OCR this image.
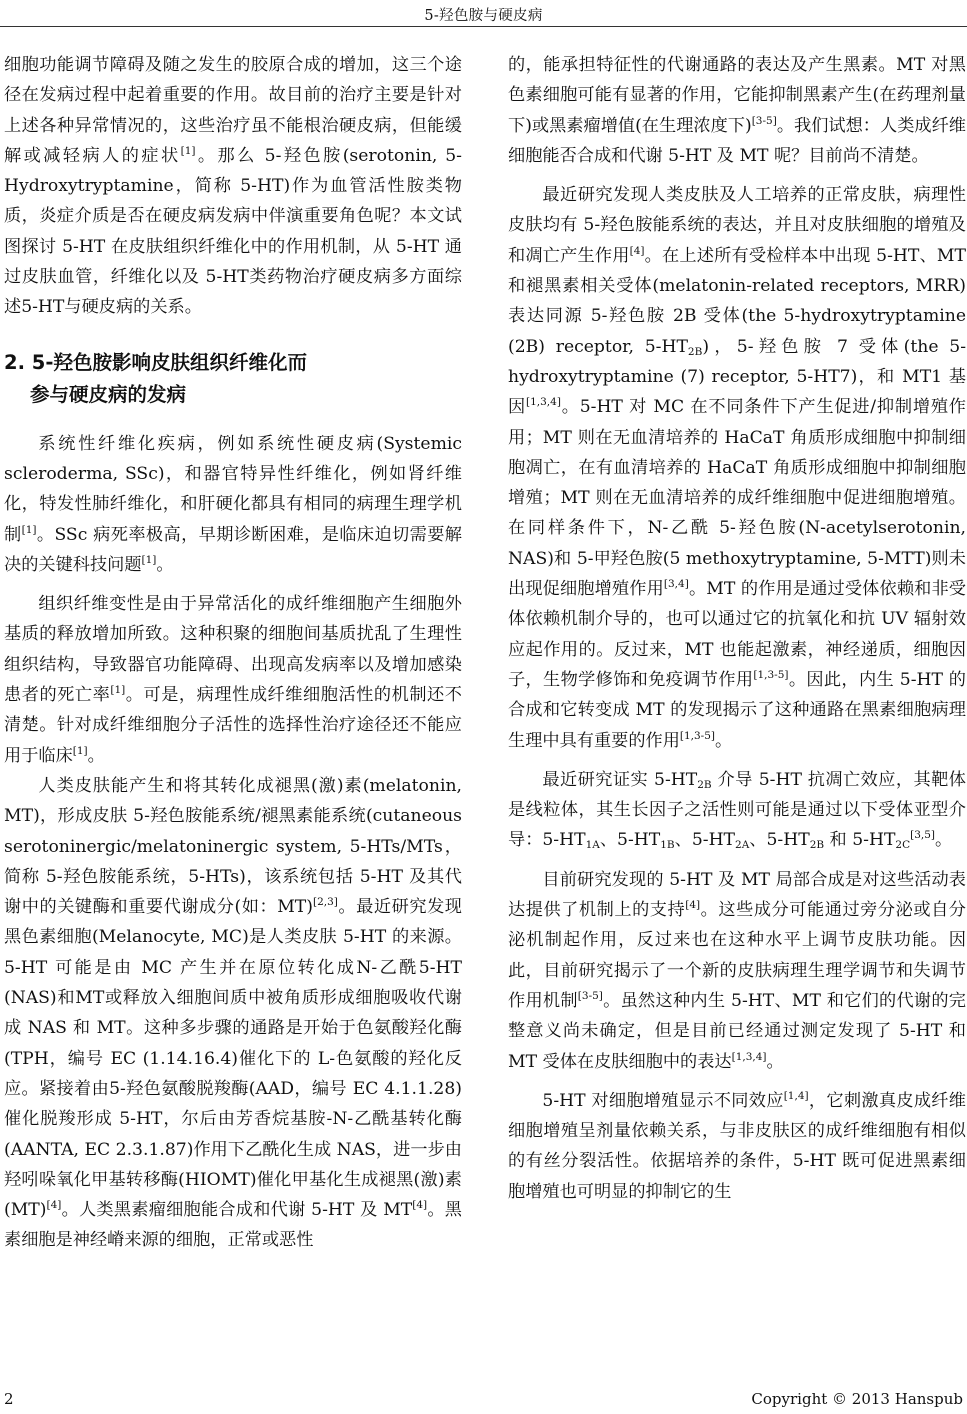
5-羟色胺与硬皮病

细胞功能调节障碍及随之发生的胶原合成的增加，这三个途径在发病过程中起着重要的作用。故目前的治疗主要是针对上述各种异常情况的，这些治疗虽不能根治硬皮病，但能缓解或减轻病人的症状[1]。那么 5-羟色胺(serotonin, 5-Hydroxytryptamine，简称 5-HT)作为血管活性胺类物质，炎症介质是否在硬皮病发病中伴演重要角色呢？本文试图探讨 5-HT 在皮肤组织纤维化中的作用机制，从 5-HT 通过皮肤血管，纤维化以及 5-HT类药物治疗硬皮病多方面综述5-HT与硬皮病的关系。

2. 5-羟色胺影响皮肤组织纤维化而
参与硬皮病的发病

系统性纤维化疾病，例如系统性硬皮病(Systemic scleroderma, SSc)，和器官特异性纤维化，例如肾纤维化，特发性肺纤维化，和肝硬化都具有相同的病理生理学机制[1]。SSc 病死率极高，早期诊断困难，是临床迫切需要解决的关键科技问题[1]。

组织纤维变性是由于异常活化的成纤维细胞产生细胞外基质的释放增加所致。这种积聚的细胞间基质扰乱了生理性组织结构，导致器官功能障碍、出现高发病率以及增加感染患者的死亡率[1]。可是，病理性成纤维细胞活性的机制还不清楚。针对成纤维细胞分子活性的选择性治疗途径还不能应用于临床[1]。

人类皮肤能产生和将其转化成褪黑(激)素(melatonin, MT)，形成皮肤 5-羟色胺能系统/褪黑素能系统(cutaneous serotoninergic/melatoninergic system, 5-HTs/MTs，简称 5-羟色胺能系统，5-HTs)，该系统包括 5-HT 及其代谢中的关键酶和重要代谢成分(如：MT)[2,3]。最近研究发现黑色素细胞(Melanocyte, MC)是人类皮肤 5-HT 的来源。5-HT 可能是由 MC 产生并在原位转化成N-乙酰5-HT (NAS)和MT或释放入细胞间质中被角质形成细胞吸收代谢成 NAS 和 MT。这种多步骤的通路是开始于色氨酸羟化酶(TPH，编号 EC (1.14.16.4)催化下的 L-色氨酸的羟化反应。紧接着由5-羟色氨酸脱羧酶(AAD，编号 EC 4.1.1.28)催化脱羧形成 5-HT，尔后由芳香烷基胺-N-乙酰基转化酶(AANTA, EC 2.3.1.87)作用下乙酰化生成 NAS，进一步由羟吲哚氧化甲基转移酶(HIOMT)催化甲基化生成褪黑(激)素(MT)[4]。人类黑素瘤细胞能合成和代谢 5-HT 及 MT[4]。黑素细胞是神经嵴来源的细胞，正常或恶性

的，能承担特征性的代谢通路的表达及产生黑素。MT 对黑色素细胞可能有显著的作用，它能抑制黑素产生(在药理剂量下)或黑素瘤增值(在生理浓度下)[3-5]。我们试想：人类成纤维细胞能否合成和代谢 5-HT 及 MT 呢？目前尚不清楚。

最近研究发现人类皮肤及人工培养的正常皮肤，病理性皮肤均有 5-羟色胺能系统的表达，并且对皮肤细胞的增殖及和凋亡产生作用[4]。在上述所有受检样本中出现 5-HT、MT 和褪黑素相关受体(melatonin-related receptors, MRR)表达同源 5-羟色胺 2B 受体(the 5-hydroxytryptamine (2B) receptor, $5-HT_{2B}$)，5-羟色胺 7 受体(the 5-hydroxytryptamine (7) receptor, 5-HT7)，和 MT1 基因[1,3,4]。5-HT 对 MC 在不同条件下产生促进/抑制增殖作用；MT 则在无血清培养的 HaCaT 角质形成细胞中抑制细胞凋亡，在有血清培养的 HaCaT 角质形成细胞中抑制细胞增殖；MT 则在无血清培养的成纤维细胞中促进细胞增殖。在同样条件下，N-乙酰 5-羟色胺(N-acetylserotonin, NAS)和 5-甲羟色胺(5 methoxytryptamine, 5-MTT)则未出现促细胞增殖作用[3,4]。MT 的作用是通过受体依赖和非受体依赖机制介导的，也可以通过它的抗氧化和抗 UV 辐射效应起作用的。反过来，MT 也能起激素，神经递质，细胞因子，生物学修饰和免疫调节作用[1,3-5]。因此，内生 5-HT 的合成和它转变成 MT 的发现揭示了这种通路在黑素细胞病理生理中具有重要的作用[1,3-5]。

最近研究证实 $5-HT_{2B}$ 介导 5-HT 抗凋亡效应，其靶体是线粒体，其生长因子之活性则可能是通过以下受体亚型介导：$5-HT_{1A}$、$5-HT_{1B}$、$5-HT_{2A}$、$5-HT_{2B}$ 和 $5-HT_{2C}[3,5]$。

目前研究发现的 5-HT 及 MT 局部合成是对这些活动表达提供了机制上的支持[4]。这些成分可能通过旁分泌或自分泌机制起作用，反过来也在这种水平上调节皮肤功能。因此，目前研究揭示了一个新的皮肤病理生理学调节和失调节作用机制[3-5]。虽然这种内生 5-HT、MT 和它们的代谢的完整意义尚未确定，但是目前已经通过测定发现了 5-HT 和 MT 受体在皮肤细胞中的表达[1,3,4]。

5-HT 对细胞增殖显示不同效应[1,4]，它刺激真皮成纤维细胞增殖呈剂量依赖关系，与非皮肤区的成纤维细胞有相似的有丝分裂活性。依据培养的条件，5-HT 既可促进黑素细胞增殖也可明显的抑制它的生

2	Copyright © 2013 Hanspub
